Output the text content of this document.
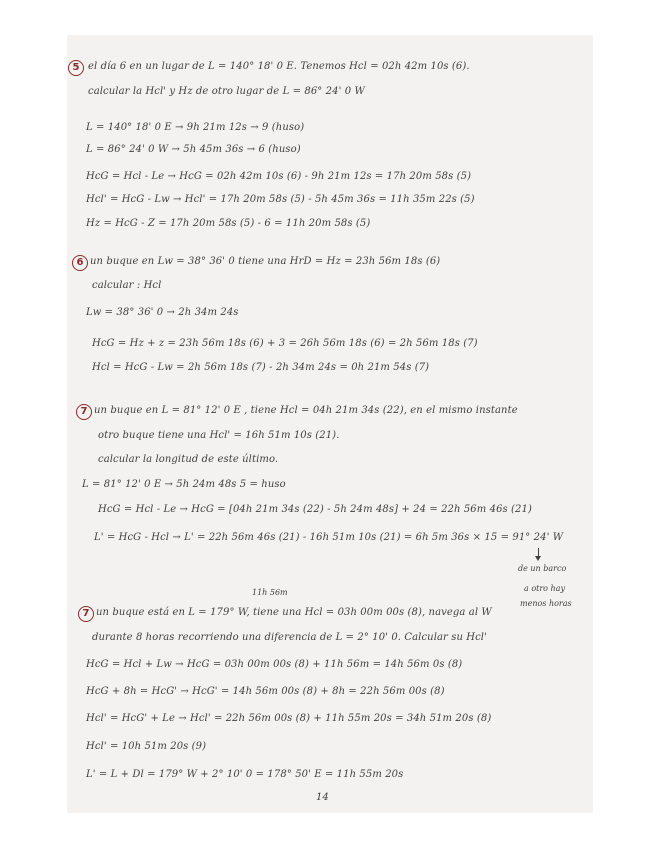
5 el día 6 en un lugar de L = 140° 18' 0 E. Tenemos Hcl = 02h 42m 10s (6).
calcular la Hcl' y Hz de otro lugar de L = 86° 24' 0 W
L = 140° 18' 0 E → 9h 21m 12s → 9 (huso)
L = 86° 24' 0 W → 5h 45m 36s → 6 (huso)
HcG = Hcl - Le → HcG = 02h 42m 10s (6) - 9h 21m 12s = 17h 20m 58s (5)
Hcl' = HcG - Lw → Hcl' = 17h 20m 58s (5) - 5h 45m 36s = 11h 35m 22s (5)
Hz = HcG - Z = 17h 20m 58s (5) - 6 = 11h 20m 58s (5)
6 un buque en Lw = 38° 36' 0 tiene una HrD = Hz = 23h 56m 18s (6)
calcular : Hcl
Lw = 38° 36' 0 → 2h 34m 24s
HcG = Hz + z = 23h 56m 18s (6) + 3 = 26h 56m 18s (6) = 2h 56m 18s (7)
Hcl = HcG - Lw = 2h 56m 18s (7) - 2h 34m 24s = 0h 21m 54s (7)
7 un buque en L = 81° 12' 0 E , tiene Hcl = 04h 21m 34s (22), en el mismo instante
otro buque tiene una Hcl' = 16h 51m 10s (21).
calcular la longitud de este último.
L = 81° 12' 0 E → 5h 24m 48s 5 = huso
HcG = Hcl - Le → HcG = [04h 21m 34s (22) - 5h 24m 48s] + 24 = 22h 56m 46s (21)
L' = HcG - Hcl → L' = 22h 56m 46s (21) - 16h 51m 10s (21) = 6h 5m 36s × 15 = 91° 24' W
de un barco
a otro hay
11h 56m
menos horas
7 un buque está en L = 179° W, tiene una Hcl = 03h 00m 00s (8), navega al W
durante 8 horas recorriendo una diferencia de L = 2° 10' 0. Calcular su Hcl'
HcG = Hcl + Lw → HcG = 03h 00m 00s (8) + 11h 56m = 14h 56m 0s (8)
HcG + 8h = HcG' → HcG' = 14h 56m 00s (8) + 8h = 22h 56m 00s (8)
Hcl' = HcG' + Le → Hcl' = 22h 56m 00s (8) + 11h 55m 20s = 34h 51m 20s (8)
Hcl' = 10h 51m 20s (9)
L' = L + Dl = 179° W + 2° 10' 0 = 178° 50' E = 11h 55m 20s
14
